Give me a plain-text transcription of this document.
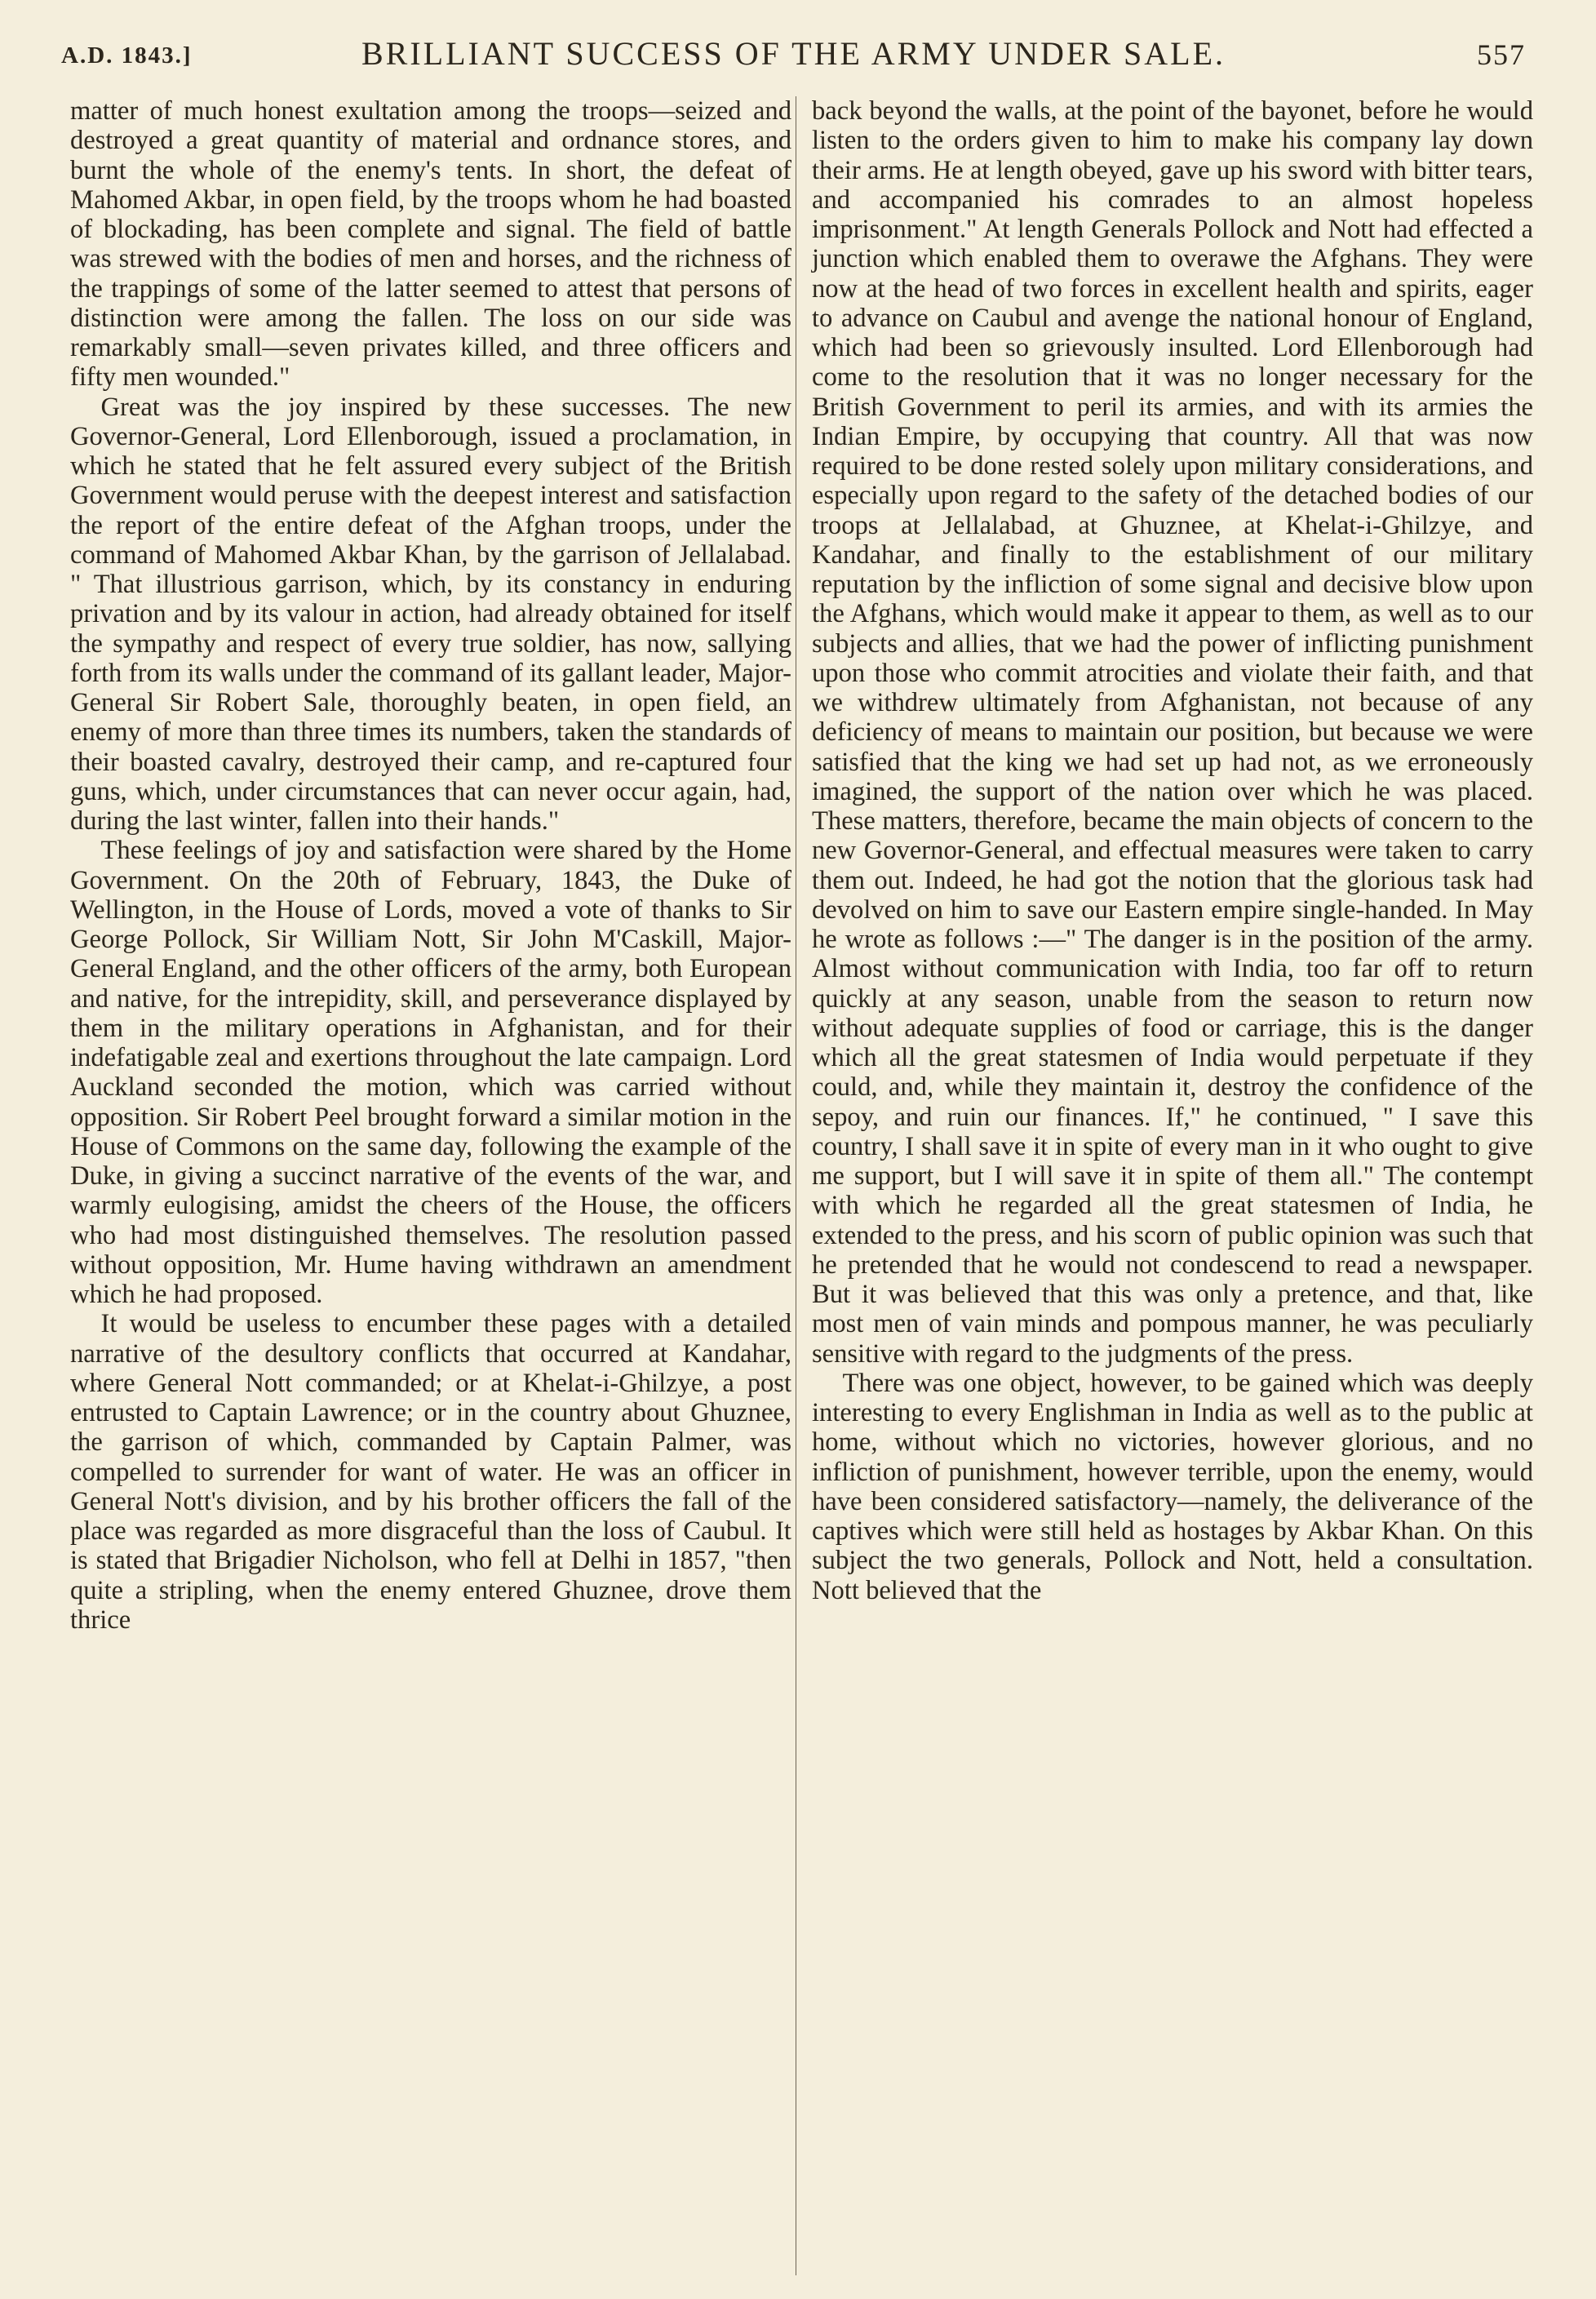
A.D. 1843.]	BRILLIANT SUCCESS OF THE ARMY UNDER SALE.	557

matter of much honest exultation among the troops—seized and destroyed a great quantity of material and ordnance stores, and burnt the whole of the enemy's tents. In short, the defeat of Mahomed Akbar, in open field, by the troops whom he had boasted of blockading, has been complete and signal. The field of battle was strewed with the bodies of men and horses, and the richness of the trappings of some of the latter seemed to attest that persons of distinction were among the fallen. The loss on our side was remarkably small—seven privates killed, and three officers and fifty men wounded."

Great was the joy inspired by these successes. The new Governor-General, Lord Ellenborough, issued a proclamation, in which he stated that he felt assured every subject of the British Government would peruse with the deepest interest and satisfaction the report of the entire defeat of the Afghan troops, under the command of Mahomed Akbar Khan, by the garrison of Jellalabad. " That illustrious garrison, which, by its constancy in enduring privation and by its valour in action, had already obtained for itself the sympathy and respect of every true soldier, has now, sallying forth from its walls under the command of its gallant leader, Major-General Sir Robert Sale, thoroughly beaten, in open field, an enemy of more than three times its numbers, taken the standards of their boasted cavalry, destroyed their camp, and re-captured four guns, which, under circumstances that can never occur again, had, during the last winter, fallen into their hands."

These feelings of joy and satisfaction were shared by the Home Government. On the 20th of February, 1843, the Duke of Wellington, in the House of Lords, moved a vote of thanks to Sir George Pollock, Sir William Nott, Sir John M'Caskill, Major-General England, and the other officers of the army, both European and native, for the intrepidity, skill, and perseverance displayed by them in the military operations in Afghanistan, and for their indefatigable zeal and exertions throughout the late campaign. Lord Auckland seconded the motion, which was carried without opposition. Sir Robert Peel brought forward a similar motion in the House of Commons on the same day, following the example of the Duke, in giving a succinct narrative of the events of the war, and warmly eulogising, amidst the cheers of the House, the officers who had most distinguished themselves. The resolution passed without opposition, Mr. Hume having withdrawn an amendment which he had proposed.

It would be useless to encumber these pages with a detailed narrative of the desultory conflicts that occurred at Kandahar, where General Nott commanded; or at Khelat-i-Ghilzye, a post entrusted to Captain Lawrence; or in the country about Ghuznee, the garrison of which, commanded by Captain Palmer, was compelled to surrender for want of water. He was an officer in General Nott's division, and by his brother officers the fall of the place was regarded as more disgraceful than the loss of Caubul. It is stated that Brigadier Nicholson, who fell at Delhi in 1857, "then quite a stripling, when the enemy entered Ghuznee, drove them thrice

back beyond the walls, at the point of the bayonet, before he would listen to the orders given to him to make his company lay down their arms. He at length obeyed, gave up his sword with bitter tears, and accompanied his comrades to an almost hopeless imprisonment." At length Generals Pollock and Nott had effected a junction which enabled them to overawe the Afghans. They were now at the head of two forces in excellent health and spirits, eager to advance on Caubul and avenge the national honour of England, which had been so grievously insulted. Lord Ellenborough had come to the resolution that it was no longer necessary for the British Government to peril its armies, and with its armies the Indian Empire, by occupying that country. All that was now required to be done rested solely upon military considerations, and especially upon regard to the safety of the detached bodies of our troops at Jellalabad, at Ghuznee, at Khelat-i-Ghilzye, and Kandahar, and finally to the establishment of our military reputation by the infliction of some signal and decisive blow upon the Afghans, which would make it appear to them, as well as to our subjects and allies, that we had the power of inflicting punishment upon those who commit atrocities and violate their faith, and that we withdrew ultimately from Afghanistan, not because of any deficiency of means to maintain our position, but because we were satisfied that the king we had set up had not, as we erroneously imagined, the support of the nation over which he was placed. These matters, therefore, became the main objects of concern to the new Governor-General, and effectual measures were taken to carry them out. Indeed, he had got the notion that the glorious task had devolved on him to save our Eastern empire single-handed. In May he wrote as follows :—" The danger is in the position of the army. Almost without communication with India, too far off to return quickly at any season, unable from the season to return now without adequate supplies of food or carriage, this is the danger which all the great statesmen of India would perpetuate if they could, and, while they maintain it, destroy the confidence of the sepoy, and ruin our finances. If," he continued, " I save this country, I shall save it in spite of every man in it who ought to give me support, but I will save it in spite of them all." The contempt with which he regarded all the great statesmen of India, he extended to the press, and his scorn of public opinion was such that he pretended that he would not condescend to read a newspaper. But it was believed that this was only a pretence, and that, like most men of vain minds and pompous manner, he was peculiarly sensitive with regard to the judgments of the press.

There was one object, however, to be gained which was deeply interesting to every Englishman in India as well as to the public at home, without which no victories, however glorious, and no infliction of punishment, however terrible, upon the enemy, would have been considered satisfactory—namely, the deliverance of the captives which were still held as hostages by Akbar Khan. On this subject the two generals, Pollock and Nott, held a consultation. Nott believed that the
